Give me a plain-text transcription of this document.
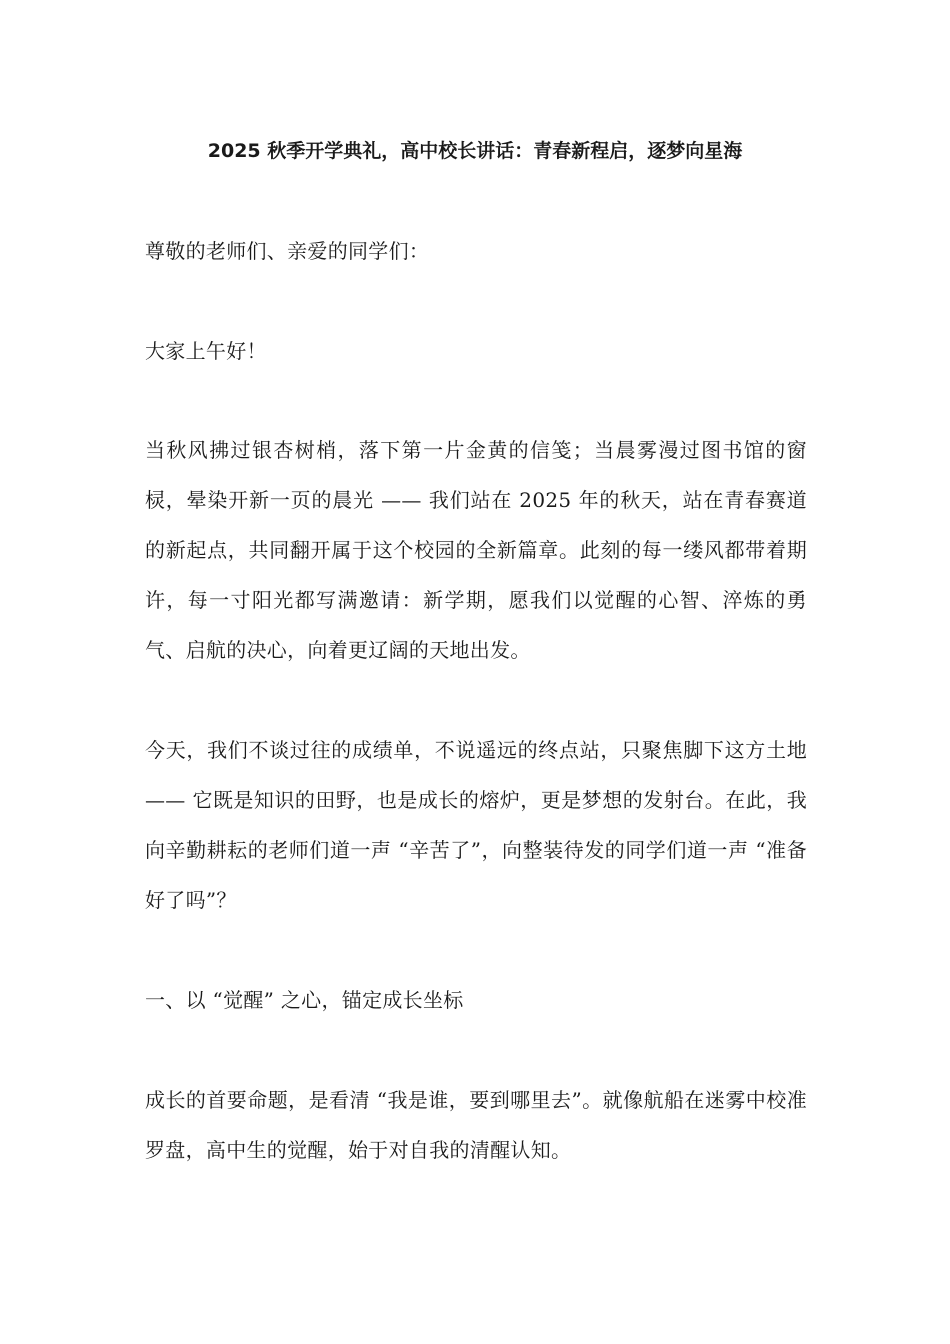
2025 秋季开学典礼，高中校长讲话：青春新程启，逐梦向星海

尊敬的老师们、亲爱的同学们：

大家上午好！

当秋风拂过银杏树梢，落下第一片金黄的信笺；当晨雾漫过图书馆的窗棂，晕染开新一页的晨光 —— 我们站在 2025 年的秋天，站在青春赛道的新起点，共同翻开属于这个校园的全新篇章。此刻的每一缕风都带着期许，每一寸阳光都写满邀请：新学期，愿我们以觉醒的心智、淬炼的勇气、启航的决心，向着更辽阔的天地出发。

今天，我们不谈过往的成绩单，不说遥远的终点站，只聚焦脚下这方土地 —— 它既是知识的田野，也是成长的熔炉，更是梦想的发射台。在此，我向辛勤耕耘的老师们道一声 “辛苦了”，向整装待发的同学们道一声 “准备好了吗”？

一、以 “觉醒” 之心，锚定成长坐标

成长的首要命题，是看清 “我是谁，要到哪里去”。就像航船在迷雾中校准罗盘，高中生的觉醒，始于对自我的清醒认知。
